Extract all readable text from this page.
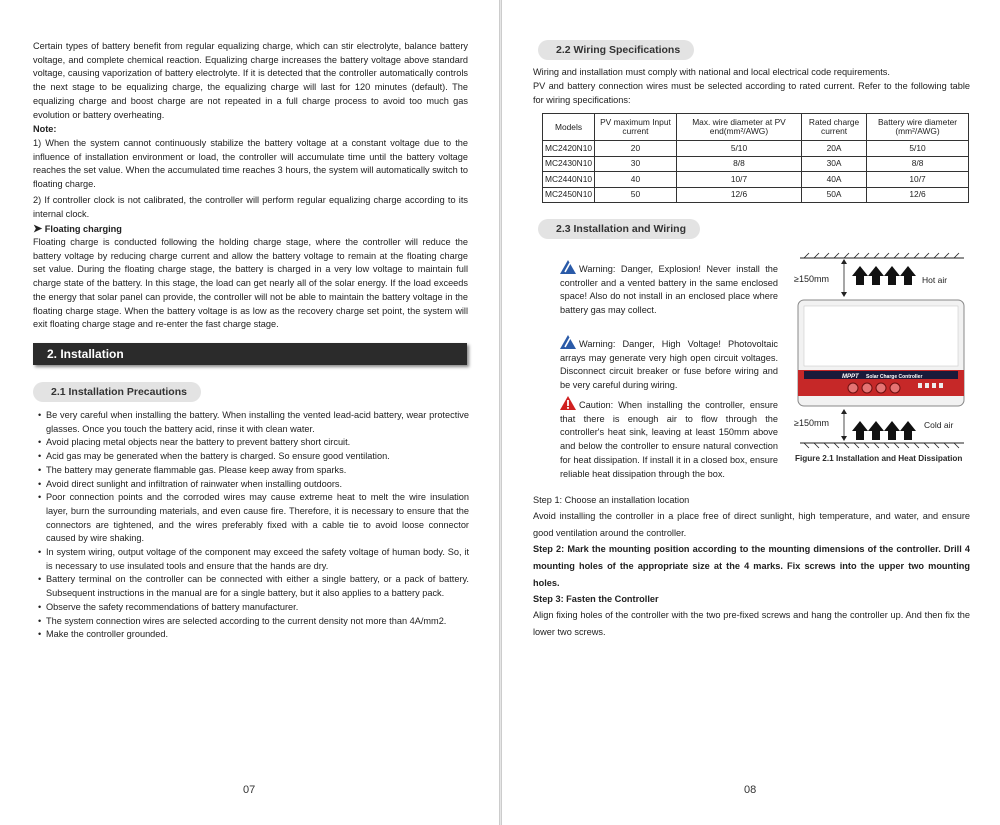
Certain types of battery benefit from regular equalizing charge, which can stir electrolyte, balance battery voltage, and complete chemical reaction. Equalizing charge increases the battery voltage above standard voltage, causing vaporization of battery electrolyte. If it is detected that the controller automatically controls the next stage to be equalizing charge, the equalizing charge will last for 120 minutes (default). The equalizing charge and boost charge are not repeated in a full charge process to avoid too much gas evolution or battery overheating.

Note:

1) When the system cannot continuously stabilize the battery voltage at a constant voltage due to the influence of installation environment or load, the controller will accumulate time until the battery voltage reaches the set value. When the accumulated time reaches 3 hours, the system will automatically switch to floating charge.

2) If controller clock is not calibrated, the controller will perform regular equalizing charge according to its internal clock.

➤ Floating charging

Floating charge is conducted following the holding charge stage, where the controller will reduce the battery voltage by reducing charge current and allow the battery voltage to remain at the floating charge set value. During the floating charge stage, the battery is charged in a very low voltage to maintain full charge state of the battery. In this stage, the load can get nearly all of the solar energy. If the load exceeds the energy that solar panel can provide, the controller will not be able to maintain the battery voltage in the floating charge stage. When the battery voltage is as low as the recovery charge set point, the system will exit floating charge stage and re-enter the fast charge stage.

2. Installation
2.1 Installation Precautions
• Be very careful when installing the battery. When installing the vented lead-acid battery, wear protective glasses. Once you touch the battery acid, rinse it with clean water.
• Avoid placing metal objects near the battery to prevent battery short circuit.
• Acid gas may be generated when the battery is charged. So ensure good ventilation.
• The battery may generate flammable gas. Please keep away from sparks.
• Avoid direct sunlight and infiltration of rainwater when installing outdoors.
• Poor connection points and the corroded wires may cause extreme heat to melt the wire insulation layer, burn the surrounding materials, and even cause fire. Therefore, it is necessary to ensure that the connectors are tightened, and the wires preferably fixed with a cable tie to avoid loose connector caused by wire shaking.
• In system wiring, output voltage of the component may exceed the safety voltage of human body. So, it is necessary to use insulated tools and ensure that the hands are dry.
• Battery terminal on the controller can be connected with either a single battery, or a pack of battery. Subsequent instructions in the manual are for a single battery, but it also applies to a battery pack.
• Observe the safety recommendations of battery manufacturer.
• The system connection wires are selected according to the current density not more than 4A/mm2.
• Make the controller grounded.
07
2.2 Wiring Specifications

Wiring and installation must comply with national and local electrical code requirements.

PV and battery connection wires must be selected according to rated current. Refer to the following table for wiring specifications:

2.3 Installation and Wiring

Warning: Danger, Explosion! Never install the controller and a vented battery in the same enclosed space! Also do not install in an enclosed place where battery gas may collect.

Warning: Danger, High Voltage! Photovoltaic arrays may generate very high open circuit voltages. Disconnect circuit breaker or fuse before wiring and be very careful during wiring.

Caution: When installing the controller, ensure that there is enough air to flow through the controller's heat sink, leaving at least 150mm above and below the controller to ensure natural convection for heat dissipation. If install it in a closed box, ensure reliable heat dissipation through the box.

Step 1: Choose an installation location

Avoid installing the controller in a place free of direct sunlight, high temperature, and water, and ensure good ventilation around the controller.

Step 2: Mark the mounting position according to the mounting dimensions of the controller. Drill 4 mounting holes of the appropriate size at the 4 marks. Fix screws into the upper two mounting holes.

Step 3: Fasten the Controller

Align fixing holes of the controller with the two pre-fixed screws and hang the controller up. And then fix the lower two screws.

08
Models	PV maximum Input current	Max. wire diameter at PV end(mm²/AWG)	Rated charge current	Battery wire diameter (mm²/AWG)
MC2420N10	20	5/10	20A	5/10
MC2430N10	30	8/8	30A	8/8
MC2440N10	40	10/7	40A	10/7
MC2450N10	50	12/6	50A	12/6
≥150mm	Hot air
MPPT Solar Charge Controller
≥150mm	Cold air
Figure 2.1 Installation and Heat Dissipation
